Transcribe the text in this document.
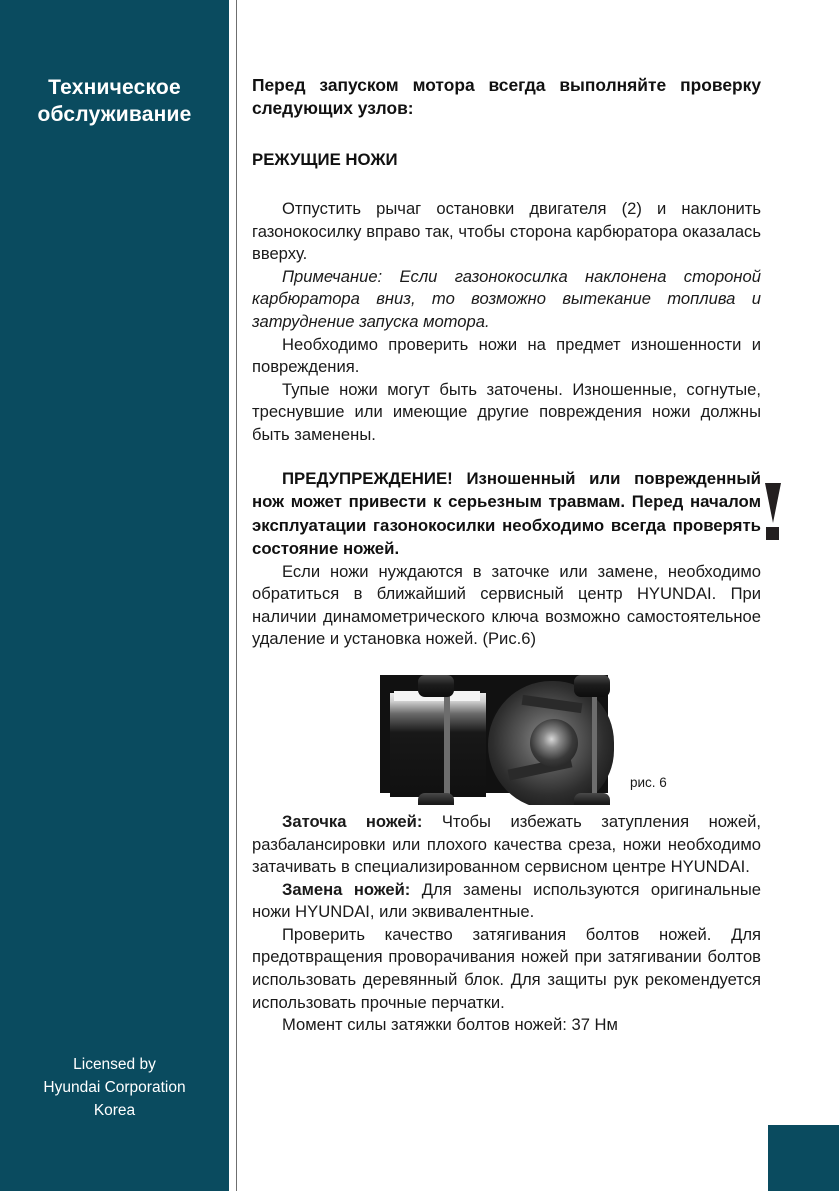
Техническое
обслуживание
Licensed by
Hyundai Corporation
Korea

Перед запуском мотора всегда выполняйте проверку следующих узлов:

РЕЖУЩИЕ НОЖИ

Отпустить рычаг остановки двигателя (2) и наклонить газонокосилку вправо так, чтобы сторона карбюратора оказалась вверху.

Примечание: Если газонокосилка наклонена стороной карбюратора вниз, то возможно вытекание топлива и затруднение запуска мотора.

Необходимо проверить ножи на предмет изношенности и повреждения.

Тупые ножи могут быть заточены. Изношенные, согнутые, треснувшие или имеющие другие повреждения ножи должны быть заменены.

ПРЕДУПРЕЖДЕНИЕ! Изношенный или поврежденный нож может привести к серьезным травмам. Перед началом эксплуатации газонокосилки необходимо всегда проверять состояние ножей.

Если ножи нуждаются в заточке или замене, необходимо обратиться в ближайший сервисный центр HYUNDAI. При наличии динамометрического ключа возможно самостоятельное удаление и установка ножей. (Рис.6)

рис. 6

Заточка ножей: Чтобы избежать затупления ножей, разбалансировки или плохого качества среза, ножи необходимо затачивать в специализированном сервисном центре HYUNDAI.

Замена ножей: Для замены используются оригинальные ножи HYUNDAI, или эквивалентные.

Проверить качество затягивания болтов ножей. Для предотвращения проворачивания ножей при затягивании болтов использовать деревянный блок. Для защиты рук рекомендуется использовать прочные перчатки.

Момент силы затяжки болтов ножей: 37 Нм
